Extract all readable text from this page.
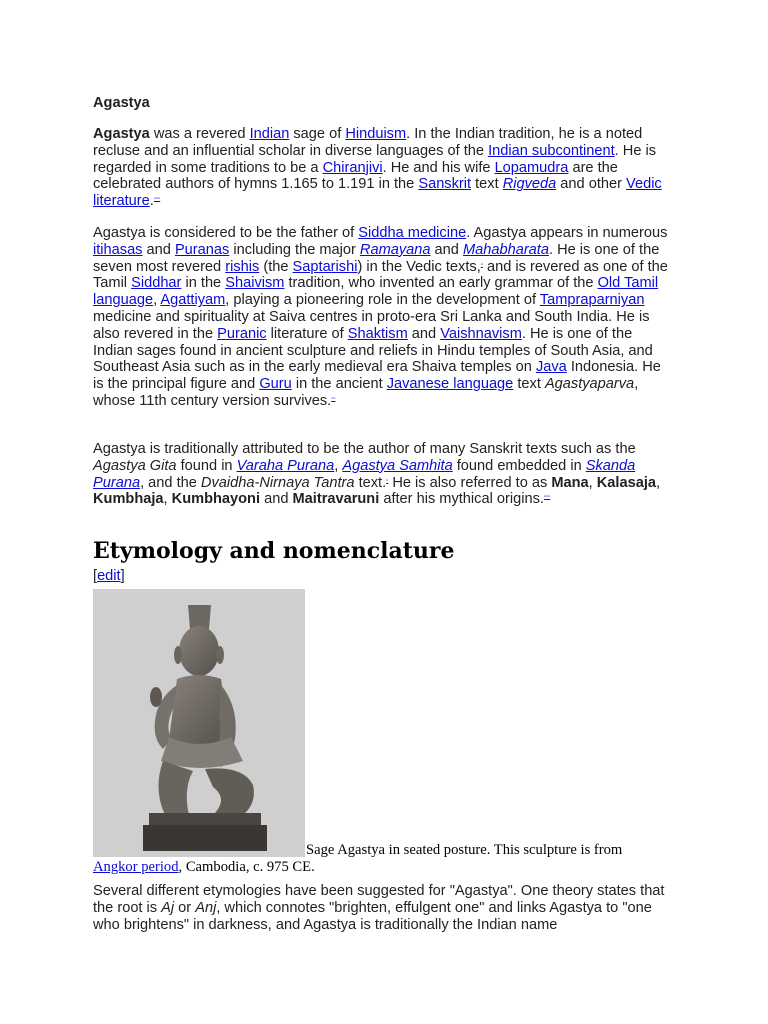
Agastya

Agastya was a revered Indian sage of Hinduism. In the Indian tradition, he is a noted recluse and an influential scholar in diverse languages of the Indian subcontinent. He is regarded in some traditions to be a Chiranjivi. He and his wife Lopamudra are the celebrated authors of hymns 1.165 to 1.191 in the Sanskrit text Rigveda and other Vedic literature.▫▫▫

Agastya is considered to be the father of Siddha medicine. Agastya appears in numerous itihasas and Puranas including the major Ramayana and Mahabharata. He is one of the seven most revered rishis (the Saptarishi) in the Vedic texts,▫ and is revered as one of the Tamil Siddhar in the Shaivism tradition, who invented an early grammar of the Old Tamil language, Agattiyam, playing a pioneering role in the development of Tampraparniyan medicine and spirituality at Saiva centres in proto-era Sri Lanka and South India. He is also revered in the Puranic literature of Shaktism and Vaishnavism. He is one of the Indian sages found in ancient sculpture and reliefs in Hindu temples of South Asia, and Southeast Asia such as in the early medieval era Shaiva temples on Java Indonesia. He is the principal figure and Guru in the ancient Javanese language text Agastyaparva, whose 11th century version survives.▫▫

Agastya is traditionally attributed to be the author of many Sanskrit texts such as the Agastya Gita found in Varaha Purana, Agastya Samhita found embedded in Skanda Purana, and the Dvaidha-Nirnaya Tantra text.▫ He is also referred to as Mana, Kalasaja, Kumbhaja, Kumbhayoni and Maitravaruni after his mythical origins.▫▫▫

Etymology and nomenclature
[edit]
Sage Agastya in seated posture. This sculpture is from Angkor period, Cambodia, c. 975 CE.

Several different etymologies have been suggested for "Agastya". One theory states that the root is Aj or Anj, which connotes "brighten, effulgent one" and links Agastya to "one who brightens" in darkness, and Agastya is traditionally the Indian name
